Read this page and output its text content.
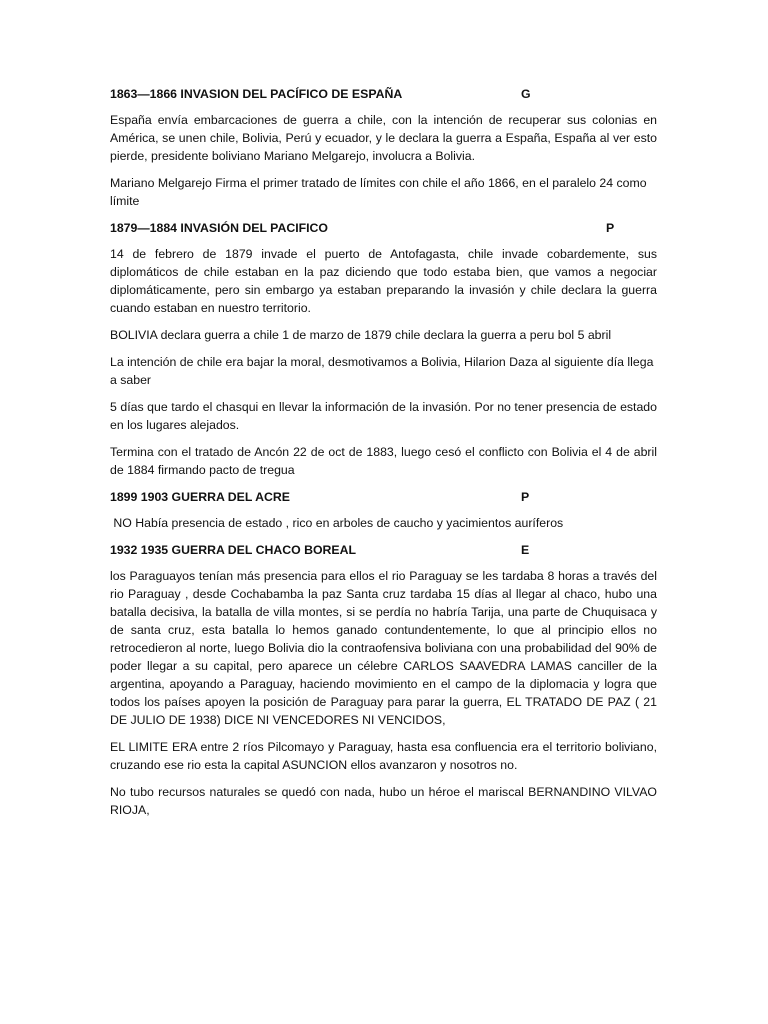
1863—1866 INVASION DEL PACÍFICO DE ESPAÑA	G

España envía embarcaciones de guerra a chile, con la intención de recuperar sus colonias en América, se unen chile, Bolivia, Perú y ecuador, y le declara la guerra a España, España al ver esto pierde, presidente boliviano Mariano Melgarejo, involucra a Bolivia.

Mariano Melgarejo Firma el primer tratado de límites con chile el año 1866, en el paralelo 24 como límite

1879—1884 INVASIÓN DEL PACIFICO	P

14 de febrero de 1879 invade el puerto de Antofagasta, chile invade cobardemente, sus diplomáticos de chile estaban en la paz diciendo que todo estaba bien, que vamos a negociar diplomáticamente, pero sin embargo ya estaban preparando la invasión y chile declara la guerra cuando estaban en nuestro territorio.

BOLIVIA declara guerra a chile 1 de marzo de 1879 chile declara la guerra a peru bol 5 abril

La intención de chile era bajar la moral, desmotivamos a Bolivia, Hilarion Daza al siguiente día llega a saber

5 días que tardo el chasqui en llevar la información de la invasión. Por no tener presencia de estado en los lugares alejados.

Termina con el tratado de Ancón 22 de oct de 1883, luego cesó el conflicto con Bolivia el 4 de abril de 1884 firmando pacto de tregua

1899 1903 GUERRA DEL ACRE	P

NO Había presencia de estado , rico en arboles de caucho y yacimientos auríferos

1932 1935 GUERRA DEL CHACO BOREAL	E

los Paraguayos tenían más presencia para ellos el rio Paraguay se les tardaba 8 horas a través del rio Paraguay , desde Cochabamba la paz Santa cruz tardaba 15 días al llegar al chaco, hubo una batalla decisiva, la batalla de villa montes, si se perdía no habría Tarija, una parte de Chuquisaca y de santa cruz, esta batalla lo hemos ganado contundentemente, lo que al principio ellos no retrocedieron al norte, luego Bolivia dio la contraofensiva boliviana con una probabilidad del 90% de poder llegar a su capital, pero aparece un célebre CARLOS SAAVEDRA LAMAS canciller de la argentina, apoyando a Paraguay, haciendo movimiento en el campo de la diplomacia y logra que todos los países apoyen la posición de Paraguay para parar la guerra, EL TRATADO DE PAZ ( 21 DE JULIO DE 1938) DICE NI VENCEDORES NI VENCIDOS,

EL LIMITE ERA entre 2 ríos Pilcomayo y Paraguay, hasta esa confluencia era el territorio boliviano, cruzando ese rio esta la capital ASUNCION ellos avanzaron y nosotros no.

No tubo recursos naturales se quedó con nada, hubo un héroe el mariscal BERNANDINO VILVAO RIOJA,
